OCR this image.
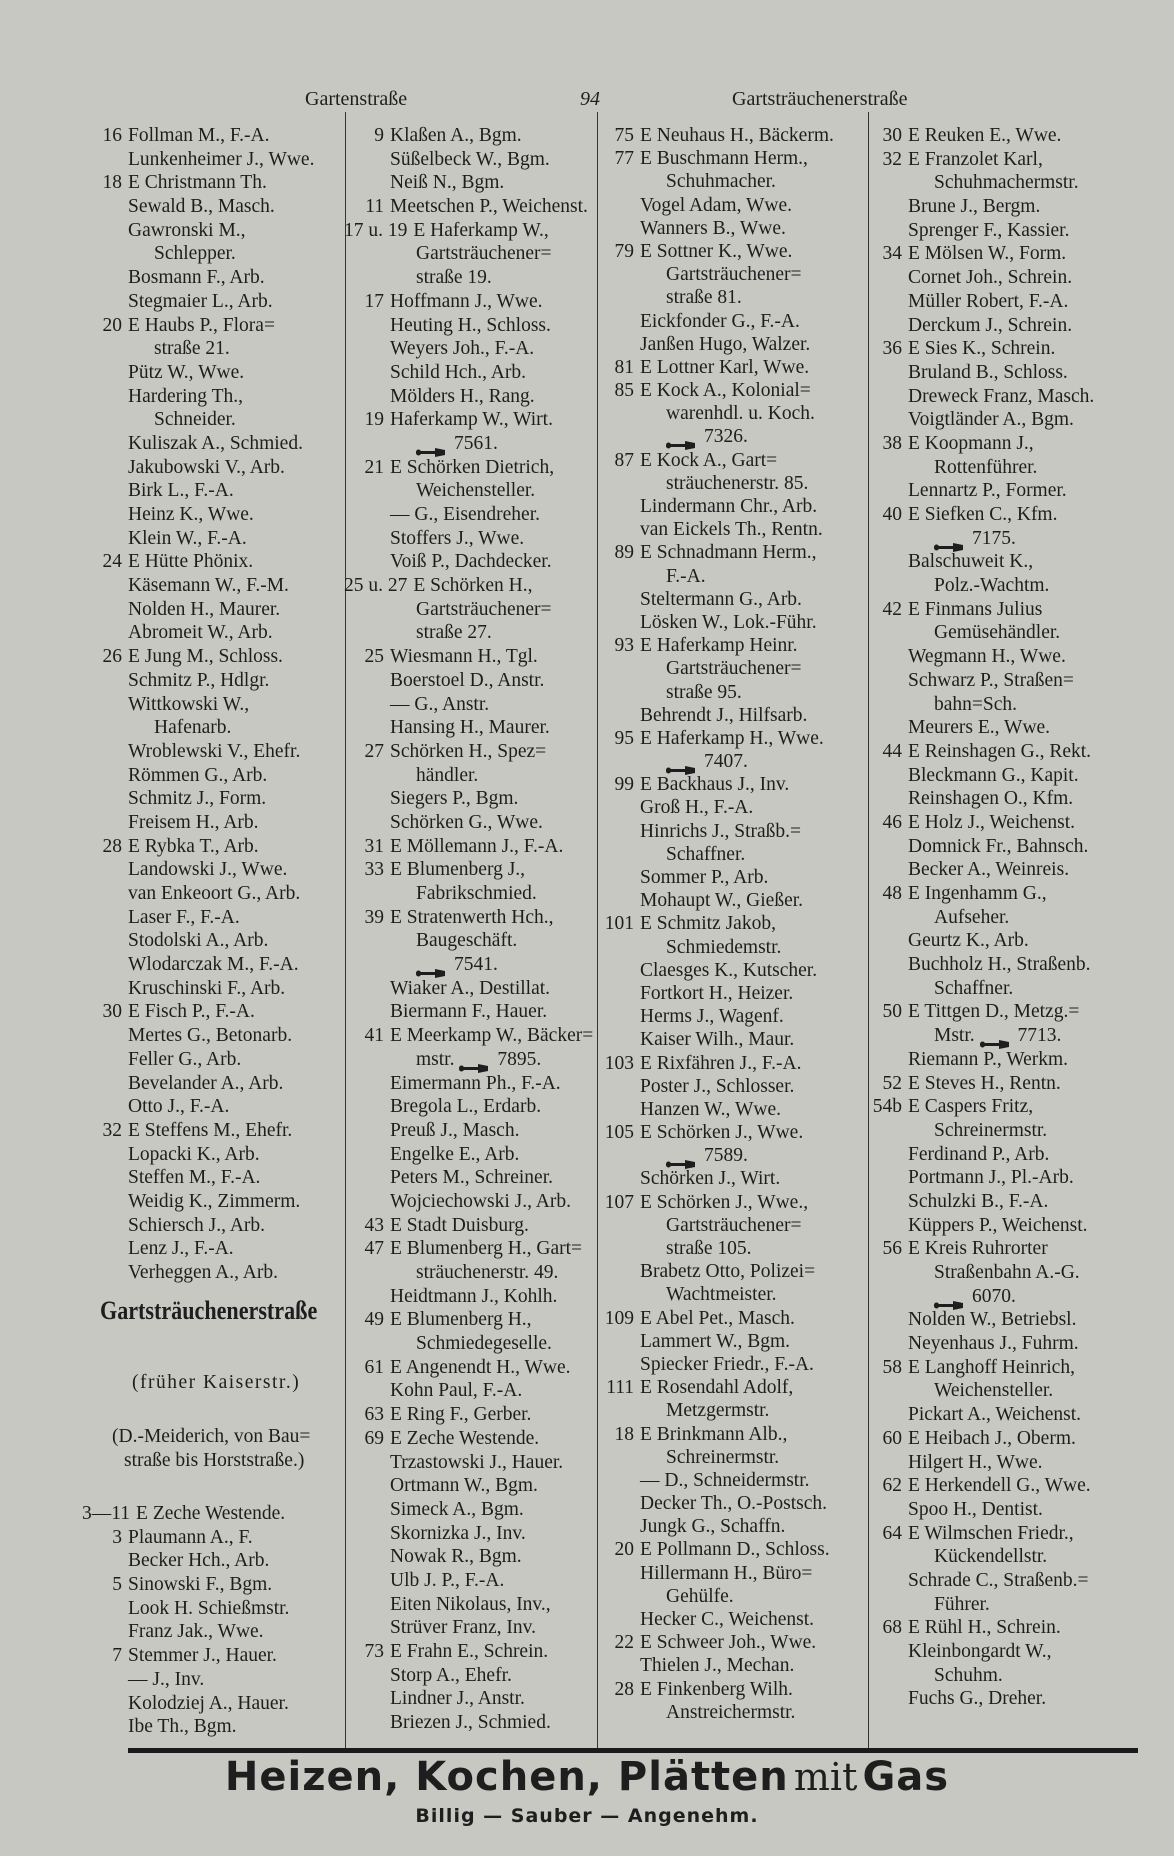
Gartenstraße	94	Gartsträuchenerstraße
16 Follman M., F.-A.
Lunkenheimer J., Wwe.
18 E Christmann Th.
Sewald B., Masch.
Gawronski M.,
Schlepper.
Bosmann F., Arb.
Stegmaier L., Arb.
20 E Haubs P., Flora=
straße 21.
Pütz W., Wwe.
Hardering Th.,
Schneider.
Kuliszak A., Schmied.
Jakubowski V., Arb.
Birk L., F.-A.
Heinz K., Wwe.
Klein W., F.-A.
24 E Hütte Phönix.
Käsemann W., F.-M.
Nolden H., Maurer.
Abromeit W., Arb.
26 E Jung M., Schloss.
Schmitz P., Hdlgr.
Wittkowski W.,
Hafenarb.
Wroblewski V., Ehefr.
Römmen G., Arb.
Schmitz J., Form.
Freisem H., Arb.
28 E Rybka T., Arb.
Landowski J., Wwe.
van Enkeoort G., Arb.
Laser F., F.-A.
Stodolski A., Arb.
Wlodarczak M., F.-A.
Kruschinski F., Arb.
30 E Fisch P., F.-A.
Mertes G., Betonarb.
Feller G., Arb.
Bevelander A., Arb.
Otto J., F.-A.
32 E Steffens M., Ehefr.
Lopacki K., Arb.
Steffen M., F.-A.
Weidig K., Zimmerm.
Schiersch J., Arb.
Lenz J., F.-A.
Verheggen A., Arb.
9 Klaßen A., Bgm.
Süßelbeck W., Bgm.
Neiß N., Bgm.
11 Meetschen P., Weichenst.
17 u. 19 E Haferkamp W.,
Gartsträuchener=
straße 19.
17 Hoffmann J., Wwe.
Heuting H., Schloss.
Weyers Joh., F.-A.
Schild Hch., Arb.
Mölders H., Rang.
19 Haferkamp W., Wirt.
7561.
21 E Schörken Dietrich,
Weichensteller.
— G., Eisendreher.
Stoffers J., Wwe.
Voiß P., Dachdecker.
25 u. 27 E Schörken H.,
Gartsträuchener=
straße 27.
25 Wiesmann H., Tgl.
Boerstoel D., Anstr.
— G., Anstr.
Hansing H., Maurer.
27 Schörken H., Spez=
händler.
Siegers P., Bgm.
Schörken G., Wwe.
31 E Möllemann J., F.-A.
33 E Blumenberg J.,
Fabrikschmied.
39 E Stratenwerth Hch.,
Baugeschäft.
7541.
Wiaker A., Destillat.
Biermann F., Hauer.
41 E Meerkamp W., Bäcker=
mstr. 7895.
Eimermann Ph., F.-A.
Bregola L., Erdarb.
Preuß J., Masch.
Engelke E., Arb.
Peters M., Schreiner.
Wojciechowski J., Arb.
43 E Stadt Duisburg.
47 E Blumenberg H., Gart=
sträuchenerstr. 49.
Heidtmann J., Kohlh.
49 E Blumenberg H.,
Schmiedegeselle.
61 E Angenendt H., Wwe.
Kohn Paul, F.-A.
63 E Ring F., Gerber.
69 E Zeche Westende.
Trzastowski J., Hauer.
Ortmann W., Bgm.
Simeck A., Bgm.
Skornizka J., Inv.
Nowak R., Bgm.
Ulb J. P., F.-A.
Eiten Nikolaus, Inv.,
Strüver Franz, Inv.
73 E Frahn E., Schrein.
Storp A., Ehefr.
Lindner J., Anstr.
Briezen J., Schmied.
75 E Neuhaus H., Bäckerm.
77 E Buschmann Herm.,
Schuhmacher.
Vogel Adam, Wwe.
Wanners B., Wwe.
79 E Sottner K., Wwe.
Gartsträuchener=
straße 81.
Eickfonder G., F.-A.
Janßen Hugo, Walzer.
81 E Lottner Karl, Wwe.
85 E Kock A., Kolonial=
warenhdl. u. Koch.
7326.
87 E Kock A., Gart=
sträuchenerstr. 85.
Lindermann Chr., Arb.
van Eickels Th., Rentn.
89 E Schnadmann Herm.,
F.-A.
Steltermann G., Arb.
Lösken W., Lok.-Führ.
93 E Haferkamp Heinr.
Gartsträuchener=
straße 95.
Behrendt J., Hilfsarb.
95 E Haferkamp H., Wwe.
7407.
99 E Backhaus J., Inv.
Groß H., F.-A.
Hinrichs J., Straßb.=
Schaffner.
Sommer P., Arb.
Mohaupt W., Gießer.
101 E Schmitz Jakob,
Schmiedemstr.
Claesges K., Kutscher.
Fortkort H., Heizer.
Herms J., Wagenf.
Kaiser Wilh., Maur.
103 E Rixfähren J., F.-A.
Poster J., Schlosser.
Hanzen W., Wwe.
105 E Schörken J., Wwe.
7589.
Schörken J., Wirt.
107 E Schörken J., Wwe.,
Gartsträuchener=
straße 105.
Brabetz Otto, Polizei=
Wachtmeister.
109 E Abel Pet., Masch.
Lammert W., Bgm.
Spiecker Friedr., F.-A.
111 E Rosendahl Adolf,
Metzgermstr.
18 E Brinkmann Alb.,
Schreinermstr.
— D., Schneidermstr.
Decker Th., O.-Postsch.
Jungk G., Schaffn.
20 E Pollmann D., Schloss.
Hillermann H., Büro=
Gehülfe.
Hecker C., Weichenst.
22 E Schweer Joh., Wwe.
Thielen J., Mechan.
28 E Finkenberg Wilh.
Anstreichermstr.
30 E Reuken E., Wwe.
32 E Franzolet Karl,
Schuhmachermstr.
Brune J., Bergm.
Sprenger F., Kassier.
34 E Mölsen W., Form.
Cornet Joh., Schrein.
Müller Robert, F.-A.
Derckum J., Schrein.
36 E Sies K., Schrein.
Bruland B., Schloss.
Dreweck Franz, Masch.
Voigtländer A., Bgm.
38 E Koopmann J.,
Rottenführer.
Lennartz P., Former.
40 E Siefken C., Kfm.
7175.
Balschuweit K.,
Polz.-Wachtm.
42 E Finmans Julius
Gemüsehändler.
Wegmann H., Wwe.
Schwarz P., Straßen=
bahn=Sch.
Meurers E., Wwe.
44 E Reinshagen G., Rekt.
Bleckmann G., Kapit.
Reinshagen O., Kfm.
46 E Holz J., Weichenst.
Domnick Fr., Bahnsch.
Becker A., Weinreis.
48 E Ingenhamm G.,
Aufseher.
Geurtz K., Arb.
Buchholz H., Straßenb.
Schaffner.
50 E Tittgen D., Metzg.=
Mstr. 7713.
Riemann P., Werkm.
52 E Steves H., Rentn.
54b E Caspers Fritz,
Schreinermstr.
Ferdinand P., Arb.
Portmann J., Pl.-Arb.
Schulzki B., F.-A.
Küppers P., Weichenst.
56 E Kreis Ruhrorter
Straßenbahn A.-G.
6070.
Nolden W., Betriebsl.
Neyenhaus J., Fuhrm.
58 E Langhoff Heinrich,
Weichensteller.
Pickart A., Weichenst.
60 E Heibach J., Oberm.
Hilgert H., Wwe.
62 E Herkendell G., Wwe.
Spoo H., Dentist.
64 E Wilmschen Friedr.,
Kückendellstr.
Schrade C., Straßenb.=
Führer.
68 E Rühl H., Schrein.
Kleinbongardt W.,
Schuhm.
Fuchs G., Dreher.
Gartsträuchenerstraße
(früher Kaiserstr.)
(D.-Meiderich, von Bau=
straße bis Horststraße.)
3—11 E Zeche Westende.
3 Plaumann A., F.
Becker Hch., Arb.
5 Sinowski F., Bgm.
Look H. Schießmstr.
Franz Jak., Wwe.
7 Stemmer J., Hauer.
— J., Inv.
Kolodziej A., Hauer.
Ibe Th., Bgm.
Heizen, Kochen, Plätten mit Gas
Billig — Sauber — Angenehm.
